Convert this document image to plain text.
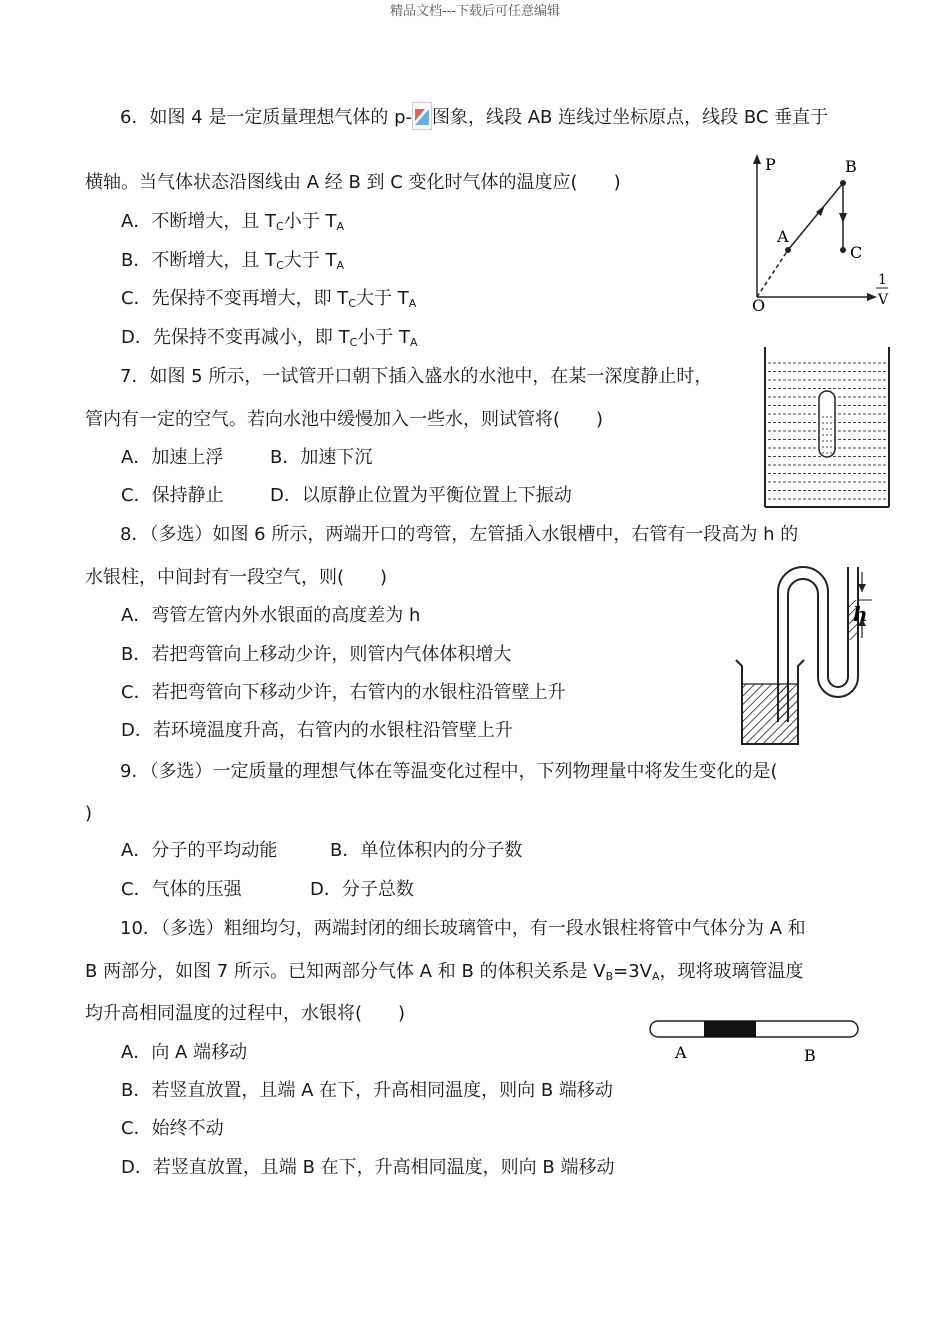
精品文档---下载后可任意编辑
6．如图 4 是一定质量理想气体的 p- 图象，线段 AB 连线过坐标原点，线段 BC 垂直于
横轴。当气体状态沿图线由 A 经 B 到 C 变化时气体的温度应(　　)
A．不断增大，且 $T_C$小于 $T_A$
B．不断增大，且 $T_C$大于 $T_A$
C．先保持不变再增大，即 $T_C$大于 $T_A$
D．先保持不变再减小，即 $T_C$小于 $T_A$
P	B
A
C
O
1
V
7．如图 5 所示，一试管开口朝下插入盛水的水池中，在某一深度静止时，
管内有一定的空气。若向水池中缓慢加入一些水，则试管将(　　)
A．加速上浮	B．加速下沉
C．保持静止	D．以原静止位置为平衡位置上下振动
8．（多选）如图 6 所示，两端开口的弯管，左管插入水银槽中，右管有一段高为 h 的
水银柱，中间封有一段空气，则(　　)
A．弯管左管内外水银面的高度差为 h
B．若把弯管向上移动少许，则管内气体体积增大
C．若把弯管向下移动少许，右管内的水银柱沿管壁上升
D．若环境温度升高，右管内的水银柱沿管壁上升
h
9．（多选）一定质量的理想气体在等温变化过程中，下列物理量中将发生变化的是(
)
A．分子的平均动能	B．单位体积内的分子数
C．气体的压强	D．分子总数
10．（多选）粗细均匀，两端封闭的细长玻璃管中，有一段水银柱将管中气体分为 A 和
B 两部分，如图 7 所示。已知两部分气体 A 和 B 的体积关系是 $V_B=3V_A$，现将玻璃管温度
均升高相同温度的过程中，水银将(　　)
A．向 A 端移动
B．若竖直放置，且端 A 在下，升高相同温度，则向 B 端移动
C．始终不动
D．若竖直放置，且端 B 在下，升高相同温度，则向 B 端移动
A	B
